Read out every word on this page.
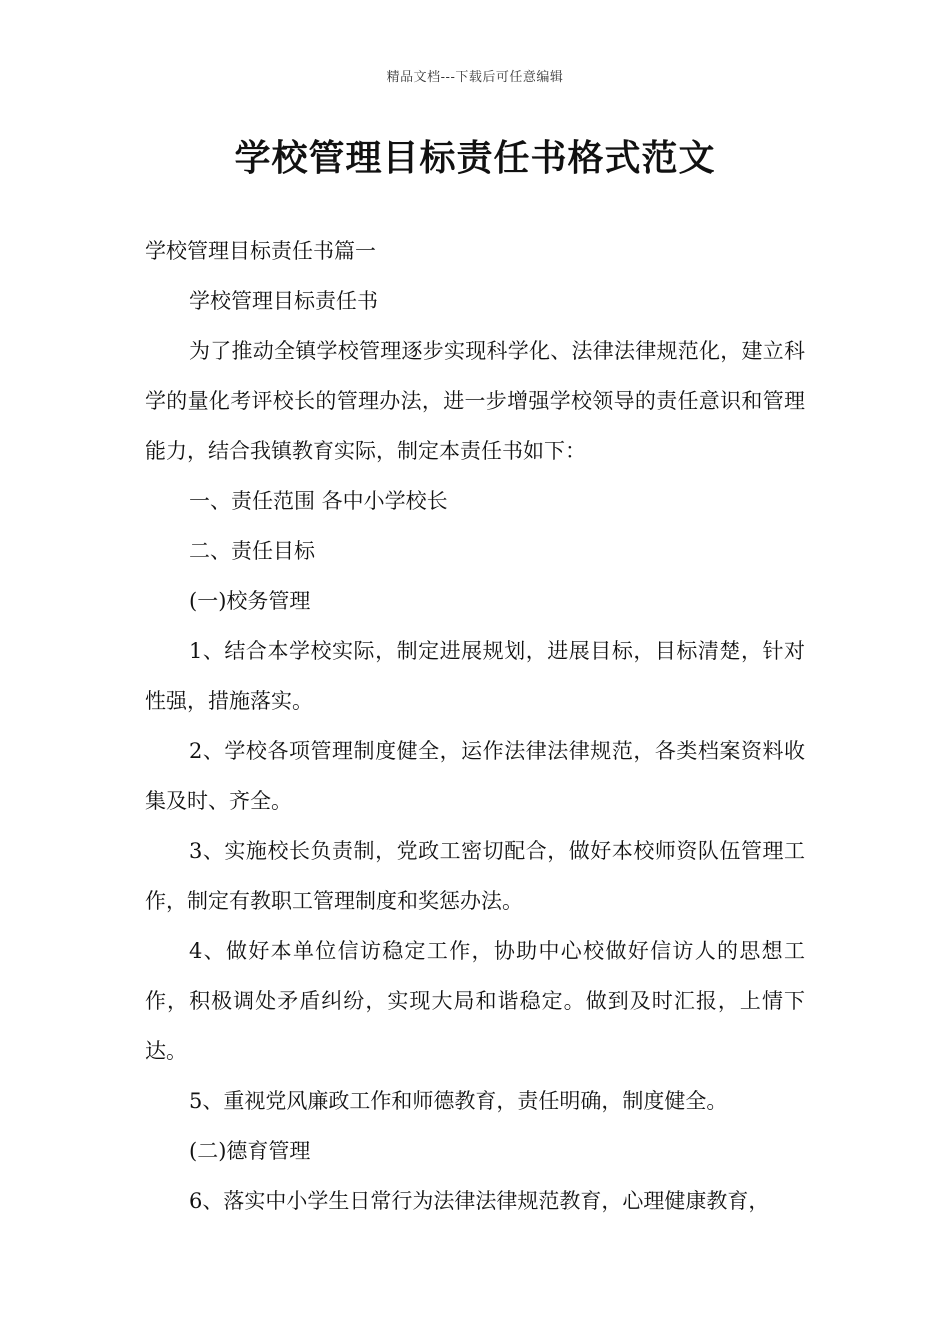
精品文档---下载后可任意编辑
学校管理目标责任书格式范文

学校管理目标责任书篇一

学校管理目标责任书

为了推动全镇学校管理逐步实现科学化、法律法律规范化，建立科学的量化考评校长的管理办法，进一步增强学校领导的责任意识和管理能力，结合我镇教育实际，制定本责任书如下：

一、责任范围 各中小学校长

二、责任目标

(一)校务管理

1、结合本学校实际，制定进展规划，进展目标，目标清楚，针对性强，措施落实。

2、学校各项管理制度健全，运作法律法律规范，各类档案资料收集及时、齐全。

3、实施校长负责制，党政工密切配合，做好本校师资队伍管理工作，制定有教职工管理制度和奖惩办法。

4、做好本单位信访稳定工作，协助中心校做好信访人的思想工作，积极调处矛盾纠纷，实现大局和谐稳定。做到及时汇报，上情下达。

5、重视党风廉政工作和师德教育，责任明确，制度健全。

(二)德育管理

6、落实中小学生日常行为法律法律规范教育，心理健康教育，
